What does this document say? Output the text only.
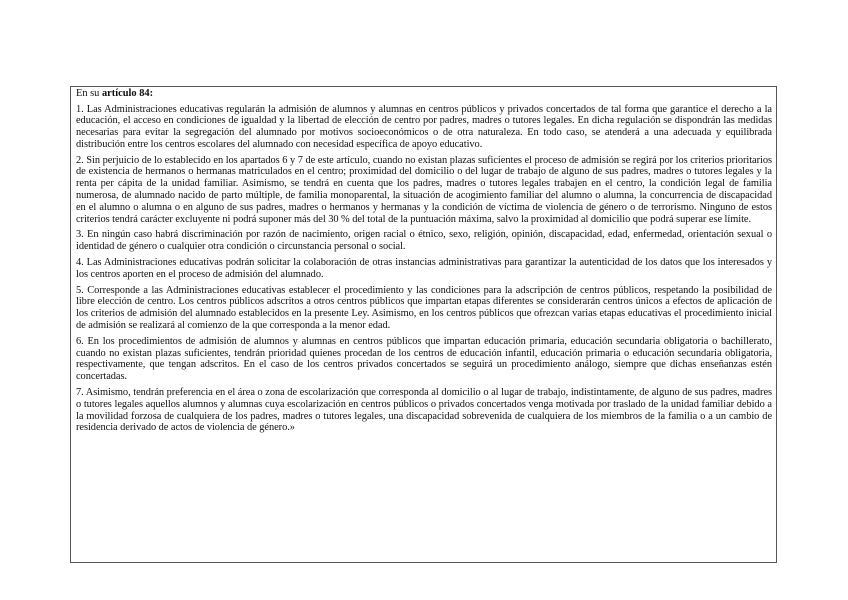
En su artículo 84:

1. Las Administraciones educativas regularán la admisión de alumnos y alumnas en centros públicos y privados concertados de tal forma que garantice el derecho a la educación, el acceso en condiciones de igualdad y la libertad de elección de centro por padres, madres o tutores legales. En dicha regulación se dispondrán las medidas necesarias para evitar la segregación del alumnado por motivos socioeconómicos o de otra naturaleza. En todo caso, se atenderá a una adecuada y equilibrada distribución entre los centros escolares del alumnado con necesidad específica de apoyo educativo.

2. Sin perjuicio de lo establecido en los apartados 6 y 7 de este artículo, cuando no existan plazas suficientes el proceso de admisión se regirá por los criterios prioritarios de existencia de hermanos o hermanas matriculados en el centro; proximidad del domicilio o del lugar de trabajo de alguno de sus padres, madres o tutores legales y la renta per cápita de la unidad familiar. Asimismo, se tendrá en cuenta que los padres, madres o tutores legales trabajen en el centro, la condición legal de familia numerosa, de alumnado nacido de parto múltiple, de familia monoparental, la situación de acogimiento familiar del alumno o alumna, la concurrencia de discapacidad en el alumno o alumna o en alguno de sus padres, madres o hermanos y hermanas y la condición de víctima de violencia de género o de terrorismo. Ninguno de estos criterios tendrá carácter excluyente ni podrá suponer más del 30 % del total de la puntuación máxima, salvo la proximidad al domicilio que podrá superar ese límite.

3. En ningún caso habrá discriminación por razón de nacimiento, origen racial o étnico, sexo, religión, opinión, discapacidad, edad, enfermedad, orientación sexual o identidad de género o cualquier otra condición o circunstancia personal o social.

4. Las Administraciones educativas podrán solicitar la colaboración de otras instancias administrativas para garantizar la autenticidad de los datos que los interesados y los centros aporten en el proceso de admisión del alumnado.

5. Corresponde a las Administraciones educativas establecer el procedimiento y las condiciones para la adscripción de centros públicos, respetando la posibilidad de libre elección de centro. Los centros públicos adscritos a otros centros públicos que impartan etapas diferentes se considerarán centros únicos a efectos de aplicación de los criterios de admisión del alumnado establecidos en la presente Ley. Asimismo, en los centros públicos que ofrezcan varias etapas educativas el procedimiento inicial de admisión se realizará al comienzo de la que corresponda a la menor edad.

6. En los procedimientos de admisión de alumnos y alumnas en centros públicos que impartan educación primaria, educación secundaria obligatoria o bachillerato, cuando no existan plazas suficientes, tendrán prioridad quienes procedan de los centros de educación infantil, educación primaria o educación secundaria obligatoria, respectivamente, que tengan adscritos. En el caso de los centros privados concertados se seguirá un procedimiento análogo, siempre que dichas enseñanzas estén concertadas.

7. Asimismo, tendrán preferencia en el área o zona de escolarización que corresponda al domicilio o al lugar de trabajo, indistintamente, de alguno de sus padres, madres o tutores legales aquellos alumnos y alumnas cuya escolarización en centros públicos o privados concertados venga motivada por traslado de la unidad familiar debido a la movilidad forzosa de cualquiera de los padres, madres o tutores legales, una discapacidad sobrevenida de cualquiera de los miembros de la familia o a un cambio de residencia derivado de actos de violencia de género.»
